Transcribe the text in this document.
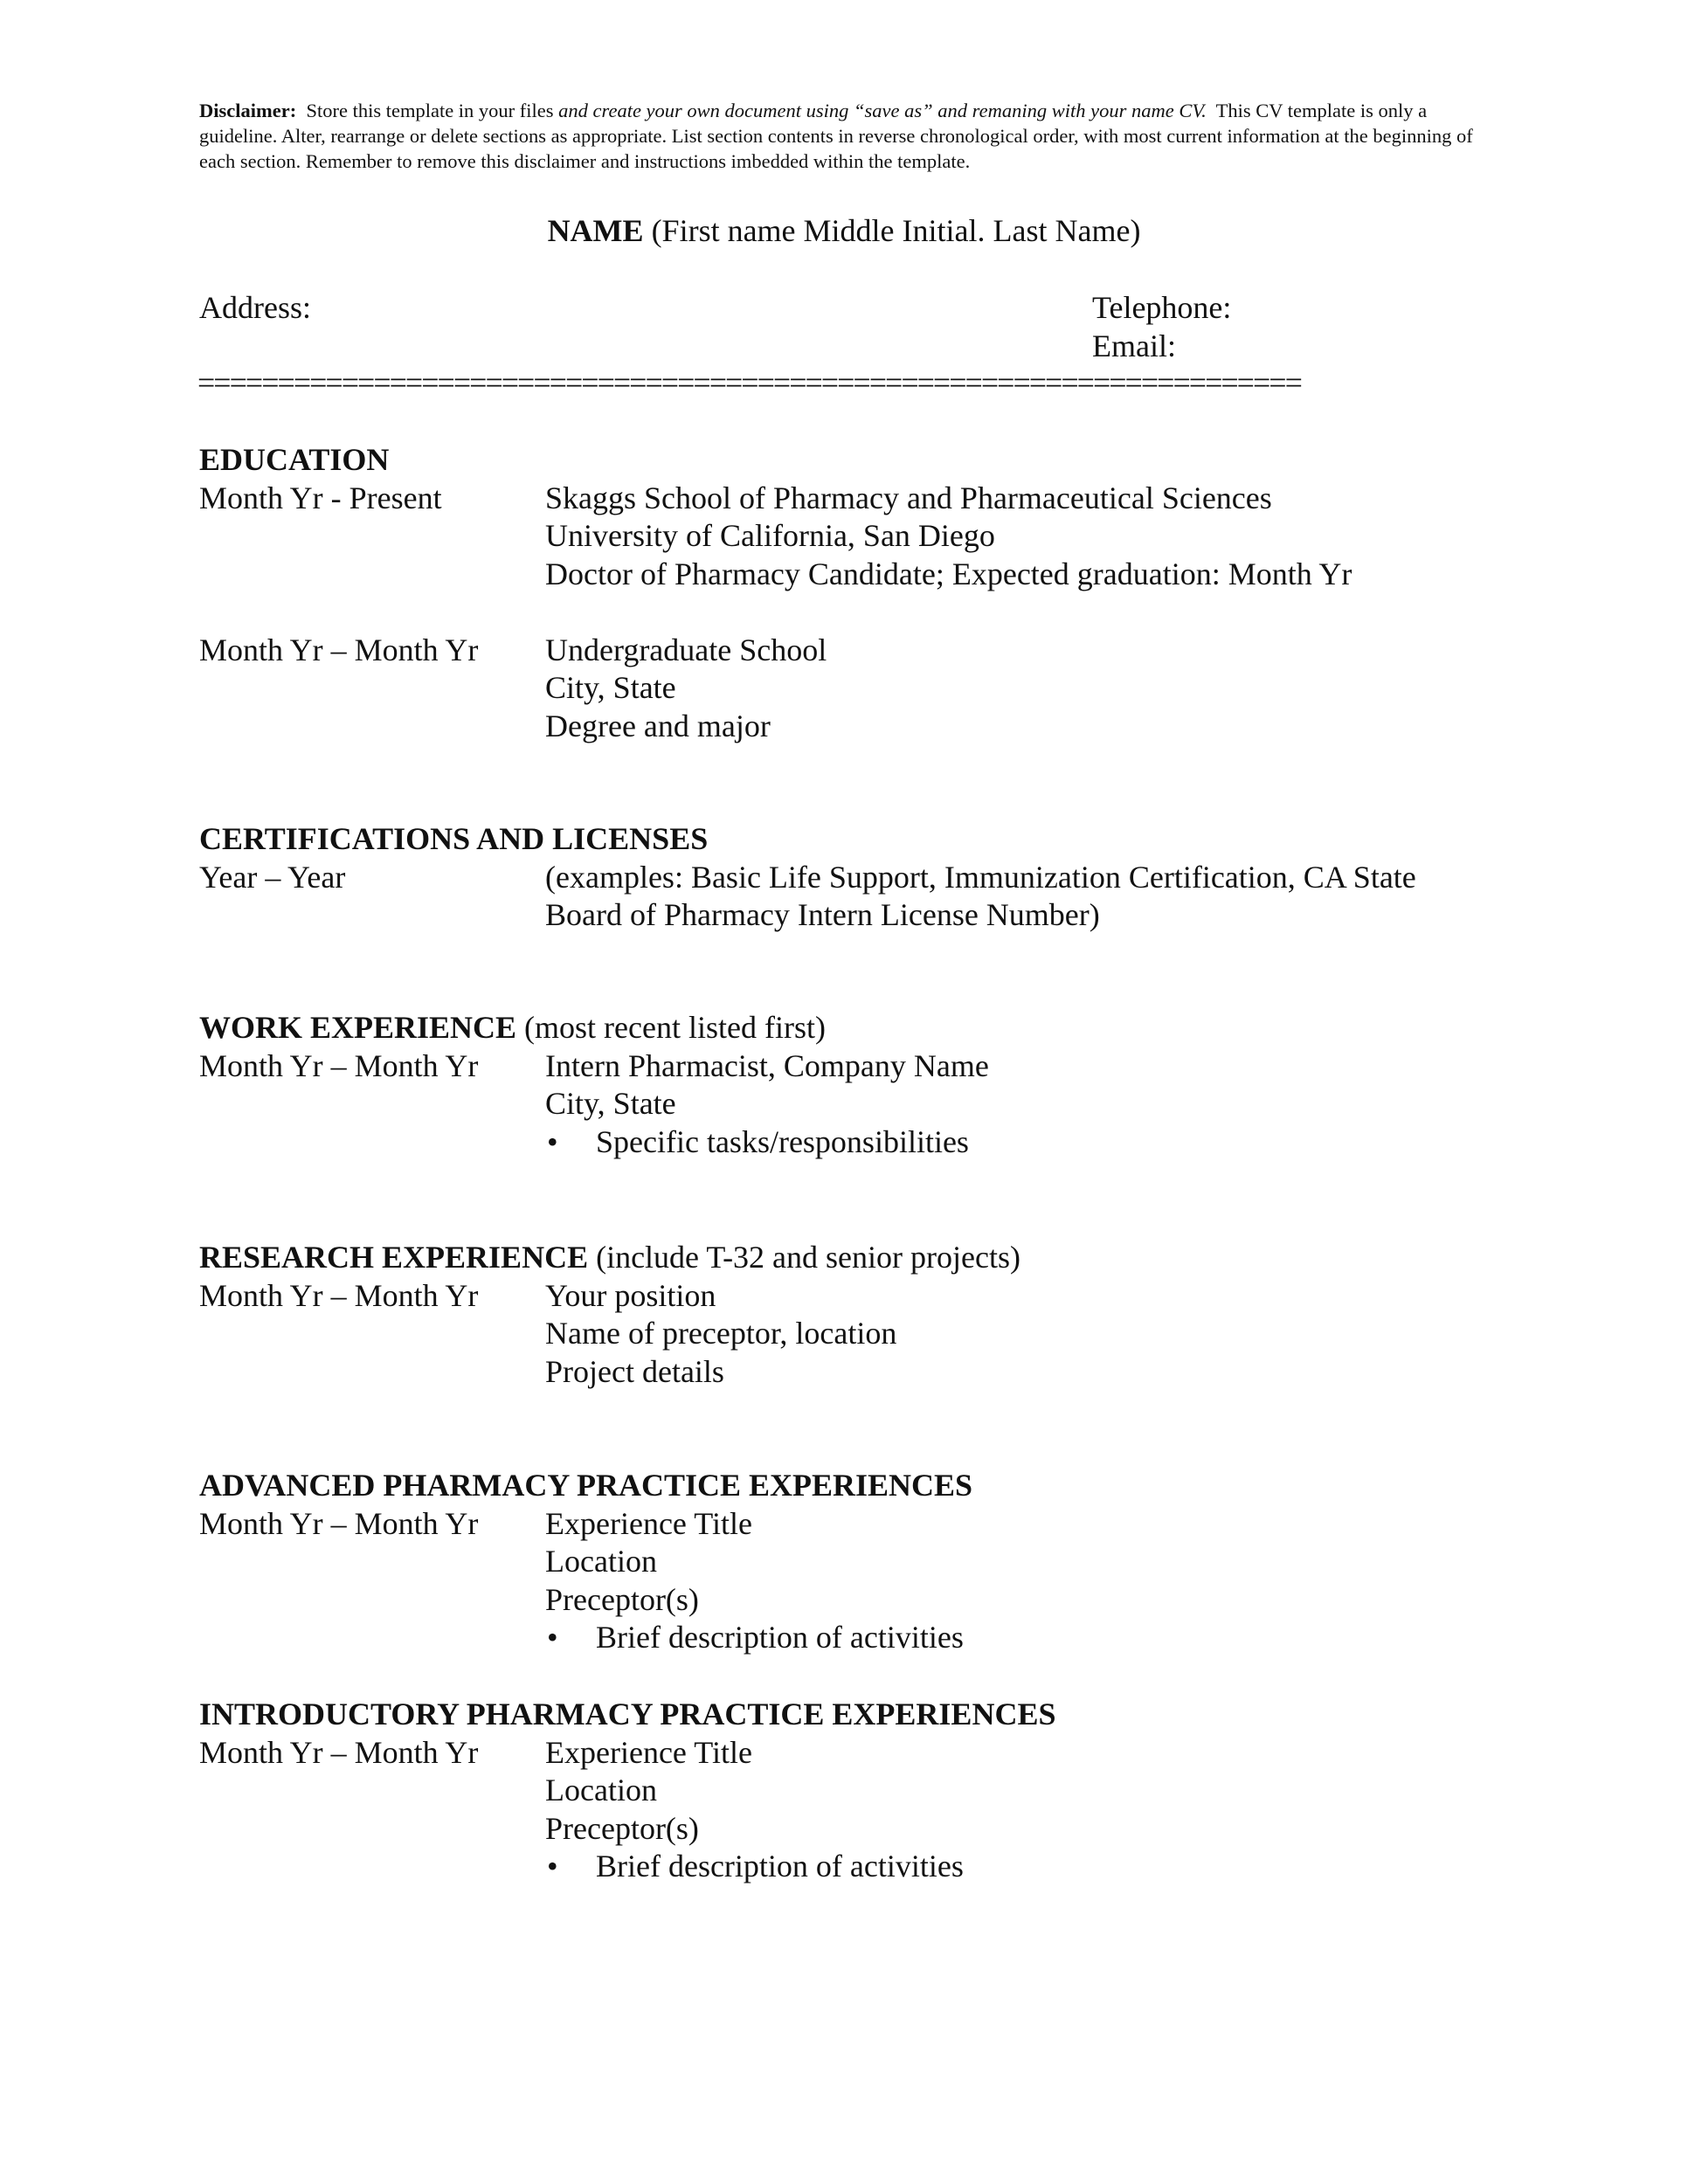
Disclaimer: Store this template in your files and create your own document using “save as” and remaning with your name CV. This CV template is only a guideline. Alter, rearrange or delete sections as appropriate. List section contents in reverse chronological order, with most current information at the beginning of each section. Remember to remove this disclaimer and instructions imbedded within the template.
NAME (First name Middle Initial. Last Name)
Address:	Telephone:
Email:
=====================================================================
EDUCATION
Month Yr - Present	Skaggs School of Pharmacy and Pharmaceutical Sciences
University of California, San Diego
Doctor of Pharmacy Candidate; Expected graduation: Month Yr
Month Yr – Month Yr	Undergraduate School
City, State
Degree and major
CERTIFICATIONS AND LICENSES
Year – Year	(examples: Basic Life Support, Immunization Certification, CA State
Board of Pharmacy Intern License Number)
WORK EXPERIENCE (most recent listed first)
Month Yr – Month Yr	Intern Pharmacist, Company Name
City, State
•	Specific tasks/responsibilities
RESEARCH EXPERIENCE (include T-32 and senior projects)
Month Yr – Month Yr	Your position
Name of preceptor, location
Project details
ADVANCED PHARMACY PRACTICE EXPERIENCES
Month Yr – Month Yr	Experience Title
Location
Preceptor(s)
•	Brief description of activities
INTRODUCTORY PHARMACY PRACTICE EXPERIENCES
Month Yr – Month Yr	Experience Title
Location
Preceptor(s)
•	Brief description of activities
